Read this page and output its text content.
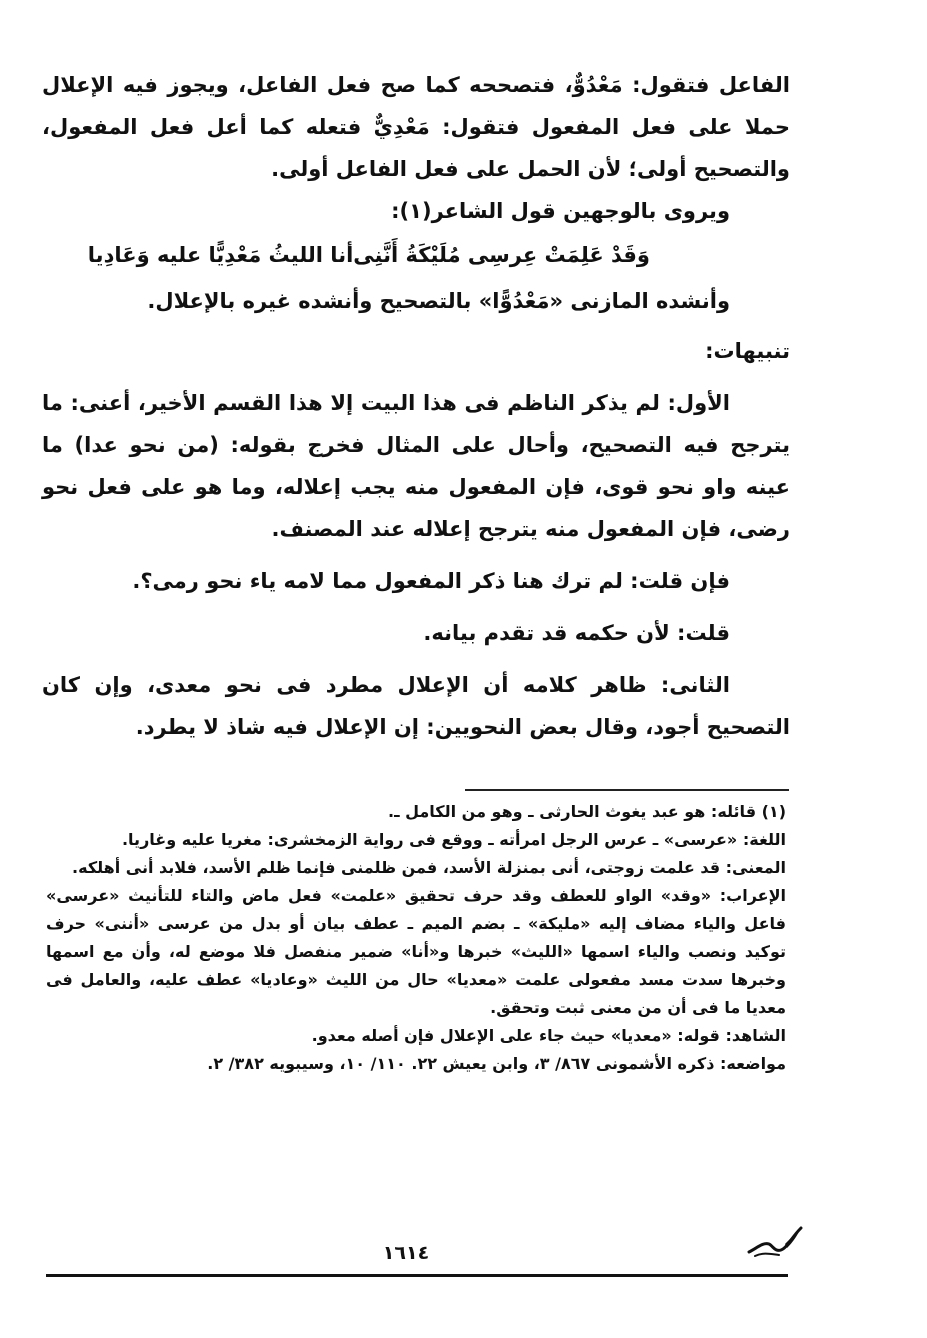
الفاعل فتقول: مَعْدُوٌّ، فتصححه كما صح فعل الفاعل، ويجوز فيه الإعلال حملا على فعل المفعول فتقول: مَعْدِيٌّ فتعله كما أعل فعل المفعول، والتصحيح أولى؛ لأن الحمل على فعل الفاعل أولى.

ويروى بالوجهين قول الشاعر(١):

وَقَدْ عَلِمَتْ عِرسِى مُلَيْكَةُ أَنَّنِى
أنا الليثُ مَعْدِيًّا عليه وَعَادِيا

وأنشده المازنى «مَعْدُوًّا» بالتصحيح وأنشده غيره بالإعلال.

تنبيهات:

الأول: لم يذكر الناظم فى هذا البيت إلا هذا القسم الأخير، أعنى: ما يترجح فيه التصحيح، وأحال على المثال فخرج بقوله: (من نحو عدا) ما عينه واو نحو قوى، فإن المفعول منه يجب إعلاله، وما هو على فعل نحو رضى، فإن المفعول منه يترجح إعلاله عند المصنف.

فإن قلت: لم ترك هنا ذكر المفعول مما لامه ياء نحو رمى؟.

قلت: لأن حكمه قد تقدم بيانه.

الثانى: ظاهر كلامه أن الإعلال مطرد فى نحو معدى، وإن كان التصحيح أجود، وقال بعض النحويين: إن الإعلال فيه شاذ لا يطرد.

(١) قائله: هو عبد يغوث الحارثى ـ وهو من الكامل ـ.

اللغة: «عرسى» ـ عرس الرجل امرأته ـ ووقع فى رواية الزمخشرى: مغريا عليه وغاريا.

المعنى: قد علمت زوجتى، أنى بمنزلة الأسد، فمن ظلمنى فإنما ظلم الأسد، فلابد أنى أهلكه.

الإعراب: «وقد» الواو للعطف وقد حرف تحقيق «علمت» فعل ماض والتاء للتأنيث «عرسى» فاعل والياء مضاف إليه «مليكة» ـ بضم الميم ـ عطف بيان أو بدل من عرسى «أننى» حرف توكيد ونصب والياء اسمها «الليث» خبرها و«أنا» ضمير منفصل فلا موضع له، وأن مع اسمها وخبرها سدت مسد مفعولى علمت «معديا» حال من الليث «وعاديا» عطف عليه، والعامل فى معديا ما فى أن من معنى ثبت وتحقق.

الشاهد: قوله: «معديا» حيث جاء على الإعلال فإن أصله معدو.

مواضعه: ذكره الأشمونى ٨٦٧/ ٣، وابن يعيش ٢٢. ١١٠/ ١٠، وسيبويه ٣٨٢/ ٢.

١٦١٤
